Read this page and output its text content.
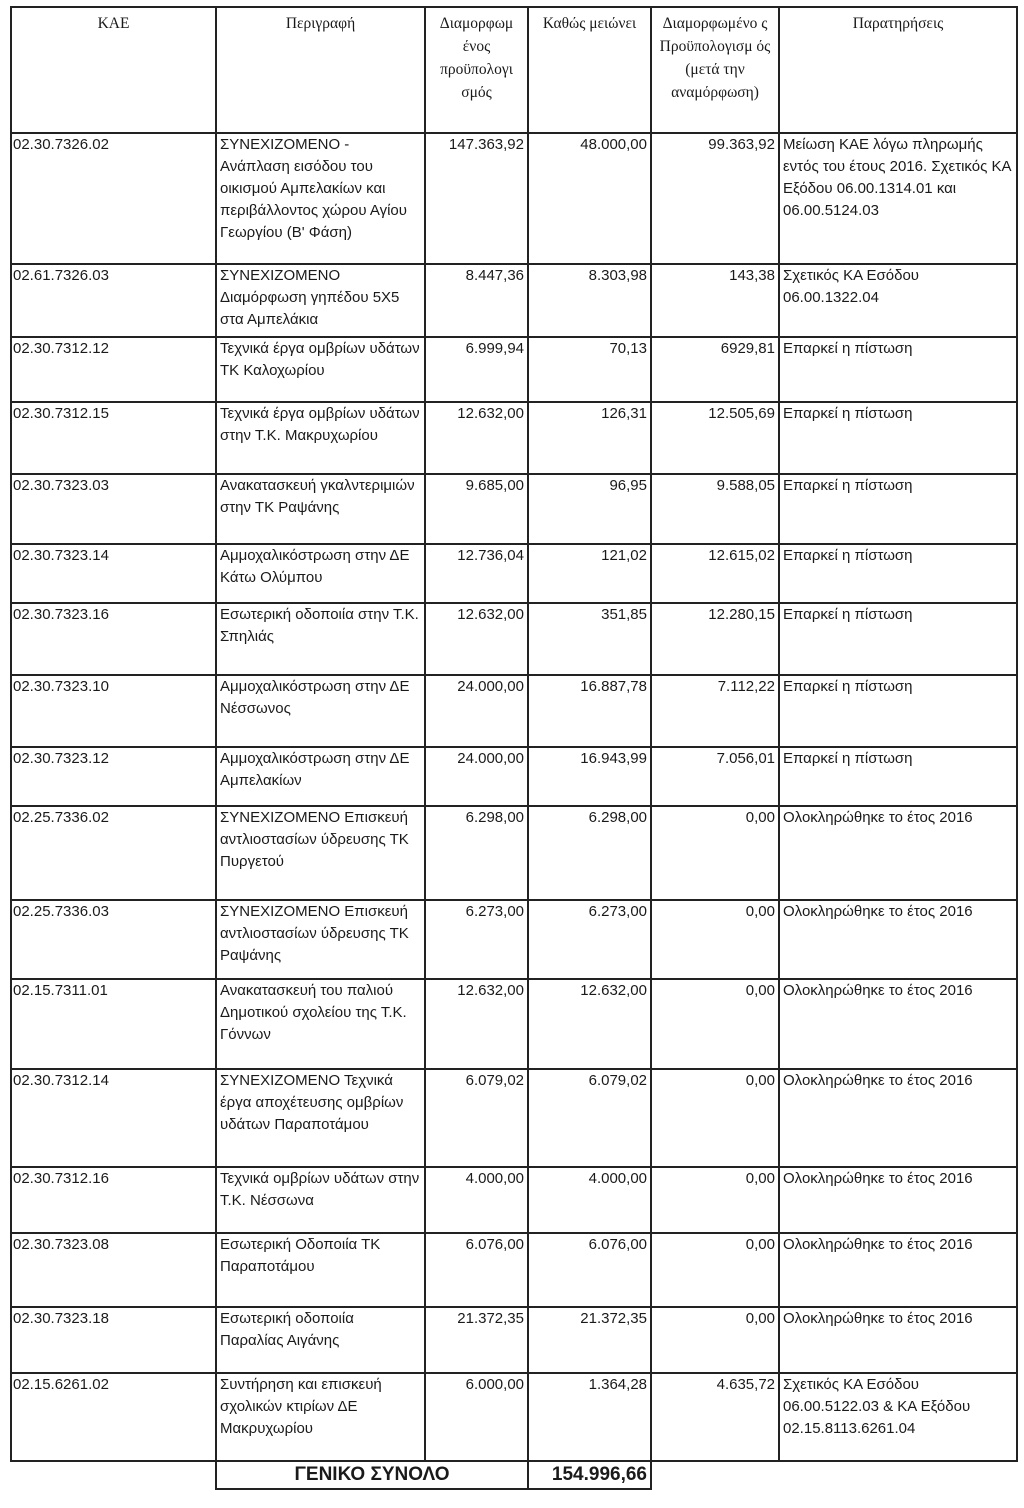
ΚΑΕ	Περιγραφή	Διαμορφωμ ένος προϋπολογι σμός	Καθώς μειώνει	Διαμορφωμένο ς Προϋπολογισμ ός (μετά την αναμόρφωση)	Παρατηρήσεις
02.30.7326.02	ΣΥΝΕΧΙΖΟΜΕΝΟ - Ανάπλαση εισόδου του οικισμού Αμπελακίων και περιβάλλοντος χώρου Αγίου Γεωργίου (Β' Φάση)	147.363,92	48.000,00	99.363,92	Μείωση ΚΑΕ λόγω πληρωμής εντός του έτους 2016. Σχετικός ΚΑ Εξόδου 06.00.1314.01 και 06.00.5124.03
02.61.7326.03	ΣΥΝΕΧΙΖΟΜΕΝΟ Διαμόρφωση γηπέδου 5Χ5 στα Αμπελάκια	8.447,36	8.303,98	143,38	Σχετικός ΚΑ Εσόδου 06.00.1322.04
02.30.7312.12	Τεχνικά έργα ομβρίων υδάτων ΤΚ Καλοχωρίου	6.999,94	70,13	6929,81	Επαρκεί η πίστωση
02.30.7312.15	Τεχνικά έργα ομβρίων υδάτων στην Τ.Κ. Μακρυχωρίου	12.632,00	126,31	12.505,69	Επαρκεί η πίστωση
02.30.7323.03	Ανακατασκευή γκαλντεριμιών στην ΤΚ Ραψάνης	9.685,00	96,95	9.588,05	Επαρκεί η πίστωση
02.30.7323.14	Αμμοχαλικόστρωση στην ΔΕ Κάτω Ολύμπου	12.736,04	121,02	12.615,02	Επαρκεί η πίστωση
02.30.7323.16	Εσωτερική οδοποιία στην Τ.Κ. Σπηλιάς	12.632,00	351,85	12.280,15	Επαρκεί η πίστωση
02.30.7323.10	Αμμοχαλικόστρωση στην ΔΕ Νέσσωνος	24.000,00	16.887,78	7.112,22	Επαρκεί η πίστωση
02.30.7323.12	Αμμοχαλικόστρωση στην ΔΕ Αμπελακίων	24.000,00	16.943,99	7.056,01	Επαρκεί η πίστωση
02.25.7336.02	ΣΥΝΕΧΙΖΟΜΕΝΟ Επισκευή αντλιοστασίων ύδρευσης ΤΚ Πυργετού	6.298,00	6.298,00	0,00	Ολοκληρώθηκε το έτος 2016
02.25.7336.03	ΣΥΝΕΧΙΖΟΜΕΝΟ Επισκευή αντλιοστασίων ύδρευσης ΤΚ Ραψάνης	6.273,00	6.273,00	0,00	Ολοκληρώθηκε το έτος 2016
02.15.7311.01	Ανακατασκευή του παλιού Δημοτικού σχολείου της Τ.Κ. Γόννων	12.632,00	12.632,00	0,00	Ολοκληρώθηκε το έτος 2016
02.30.7312.14	ΣΥΝΕΧΙΖΟΜΕΝΟ Τεχνικά έργα αποχέτευσης ομβρίων υδάτων Παραποτάμου	6.079,02	6.079,02	0,00	Ολοκληρώθηκε το έτος 2016
02.30.7312.16	Τεχνικά ομβρίων υδάτων στην Τ.Κ. Νέσσωνα	4.000,00	4.000,00	0,00	Ολοκληρώθηκε το έτος 2016
02.30.7323.08	Εσωτερική Οδοποιία ΤΚ Παραποτάμου	6.076,00	6.076,00	0,00	Ολοκληρώθηκε το έτος 2016
02.30.7323.18	Εσωτερική οδοποιία Παραλίας Αιγάνης	21.372,35	21.372,35	0,00	Ολοκληρώθηκε το έτος 2016
02.15.6261.02	Συντήρηση και επισκευή σχολικών κτιρίων ΔΕ Μακρυχωρίου	6.000,00	1.364,28	4.635,72	Σχετικός ΚΑ Εσόδου 06.00.5122.03 & ΚΑ Εξόδου 02.15.8113.6261.04
	ΓΕΝΙΚΟ ΣΥΝΟΛΟ		154.996,66		
